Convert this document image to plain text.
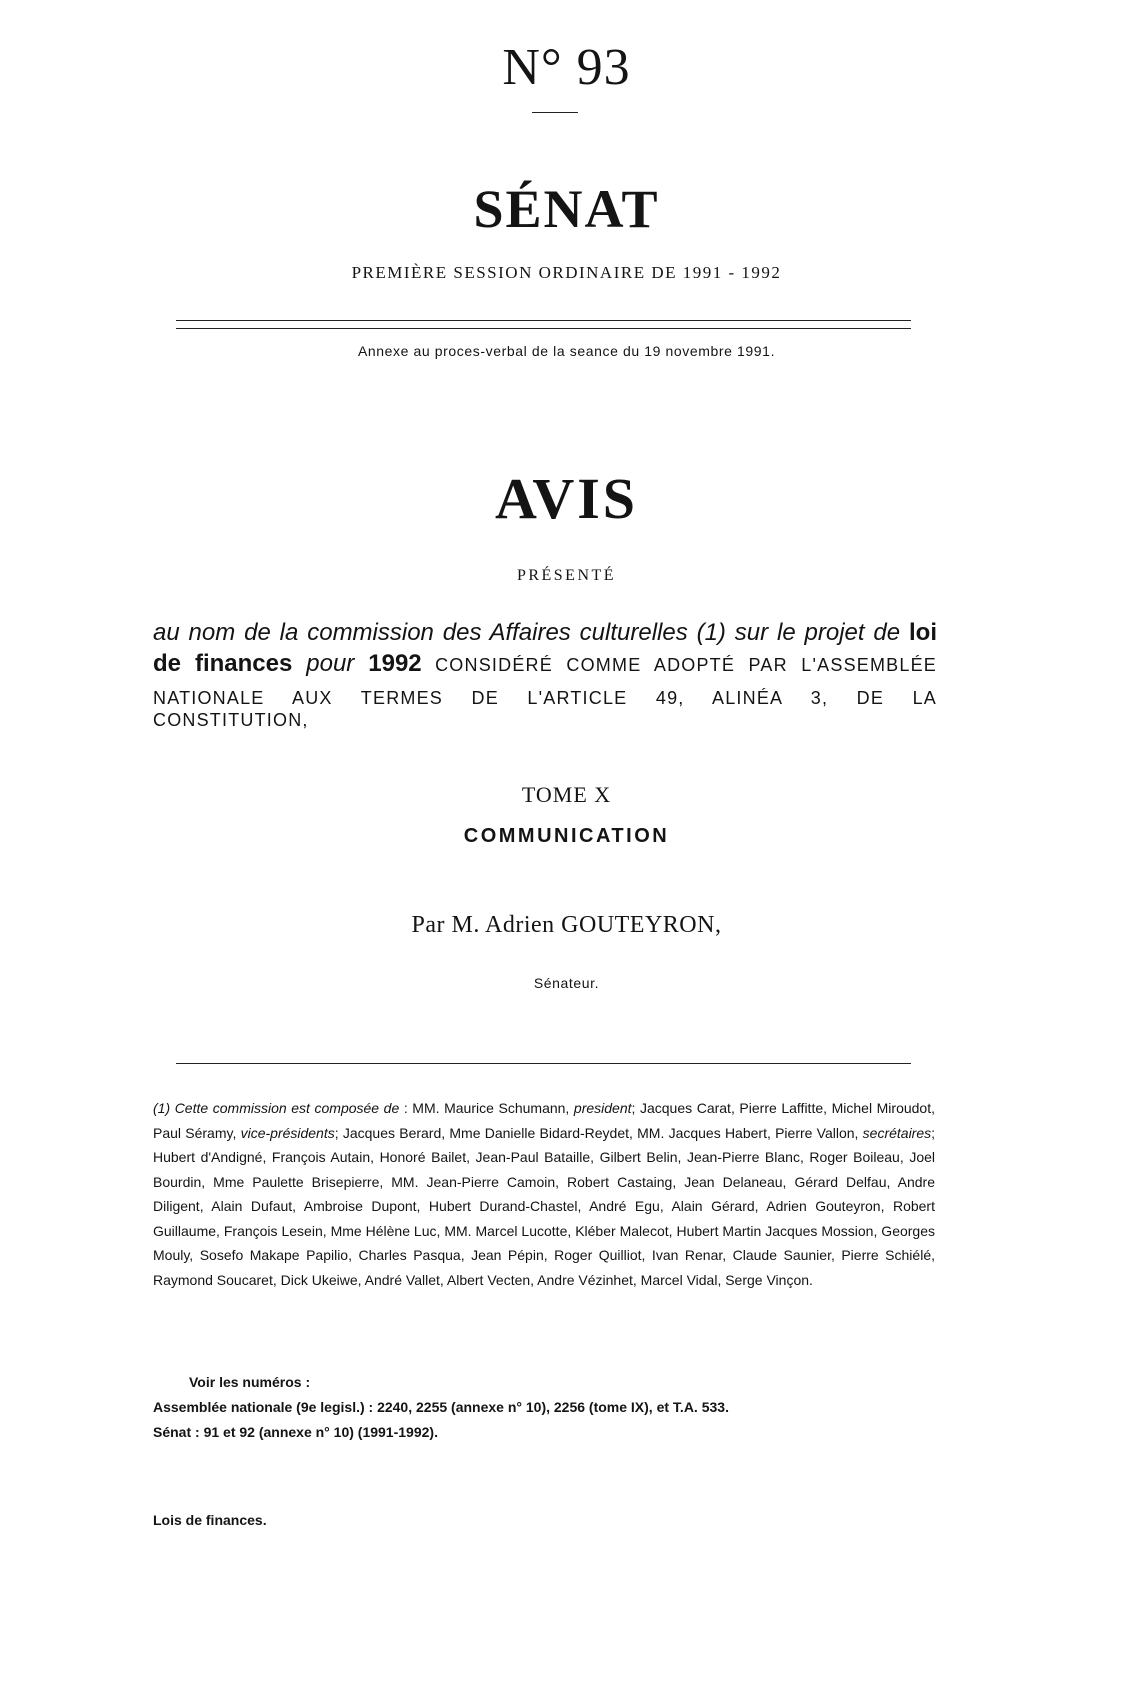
N° 93
SÉNAT
PREMIÈRE SESSION ORDINAIRE DE 1991 - 1992
Annexe au proces-verbal de la seance du 19 novembre 1991.
AVIS
PRÉSENTÉ
au nom de la commission des Affaires culturelles (1) sur le projet de loi de finances pour 1992 CONSIDÉRÉ COMME ADOPTÉ PAR L'ASSEMBLÉE NATIONALE AUX TERMES DE L'ARTICLE 49, ALINÉA 3, DE LA
CONSTITUTION,
TOME X
COMMUNICATION
Par M. Adrien GOUTEYRON,
Sénateur.
(1) Cette commission est composée de : MM. Maurice Schumann, president; Jacques Carat, Pierre Laffitte, Michel Miroudot, Paul Séramy, vice-présidents; Jacques Berard, Mme Danielle Bidard-Reydet, MM. Jacques Habert, Pierre Vallon, secrétaires; Hubert d'Andigné, François Autain, Honoré Bailet, Jean-Paul Bataille, Gilbert Belin, Jean-Pierre Blanc, Roger Boileau, Joel Bourdin, Mme Paulette Brisepierre, MM. Jean-Pierre Camoin, Robert Castaing, Jean Delaneau, Gérard Delfau, Andre Diligent, Alain Dufaut, Ambroise Dupont, Hubert Durand-Chastel, André Egu, Alain Gérard, Adrien Gouteyron, Robert Guillaume, François Lesein, Mme Hélène Luc, MM. Marcel Lucotte, Kléber Malecot, Hubert Martin Jacques Mossion, Georges Mouly, Sosefo Makape Papilio, Charles Pasqua, Jean Pépin, Roger Quilliot, Ivan Renar, Claude Saunier, Pierre Schiélé, Raymond Soucaret, Dick Ukeiwe, André Vallet, Albert Vecten, Andre Vézinhet, Marcel Vidal, Serge Vinçon.
Voir les numéros :
Assemblée nationale (9e legisl.) : 2240, 2255 (annexe n° 10), 2256 (tome IX), et T.A. 533.
Sénat : 91 et 92 (annexe n° 10) (1991-1992).
Lois de finances.
